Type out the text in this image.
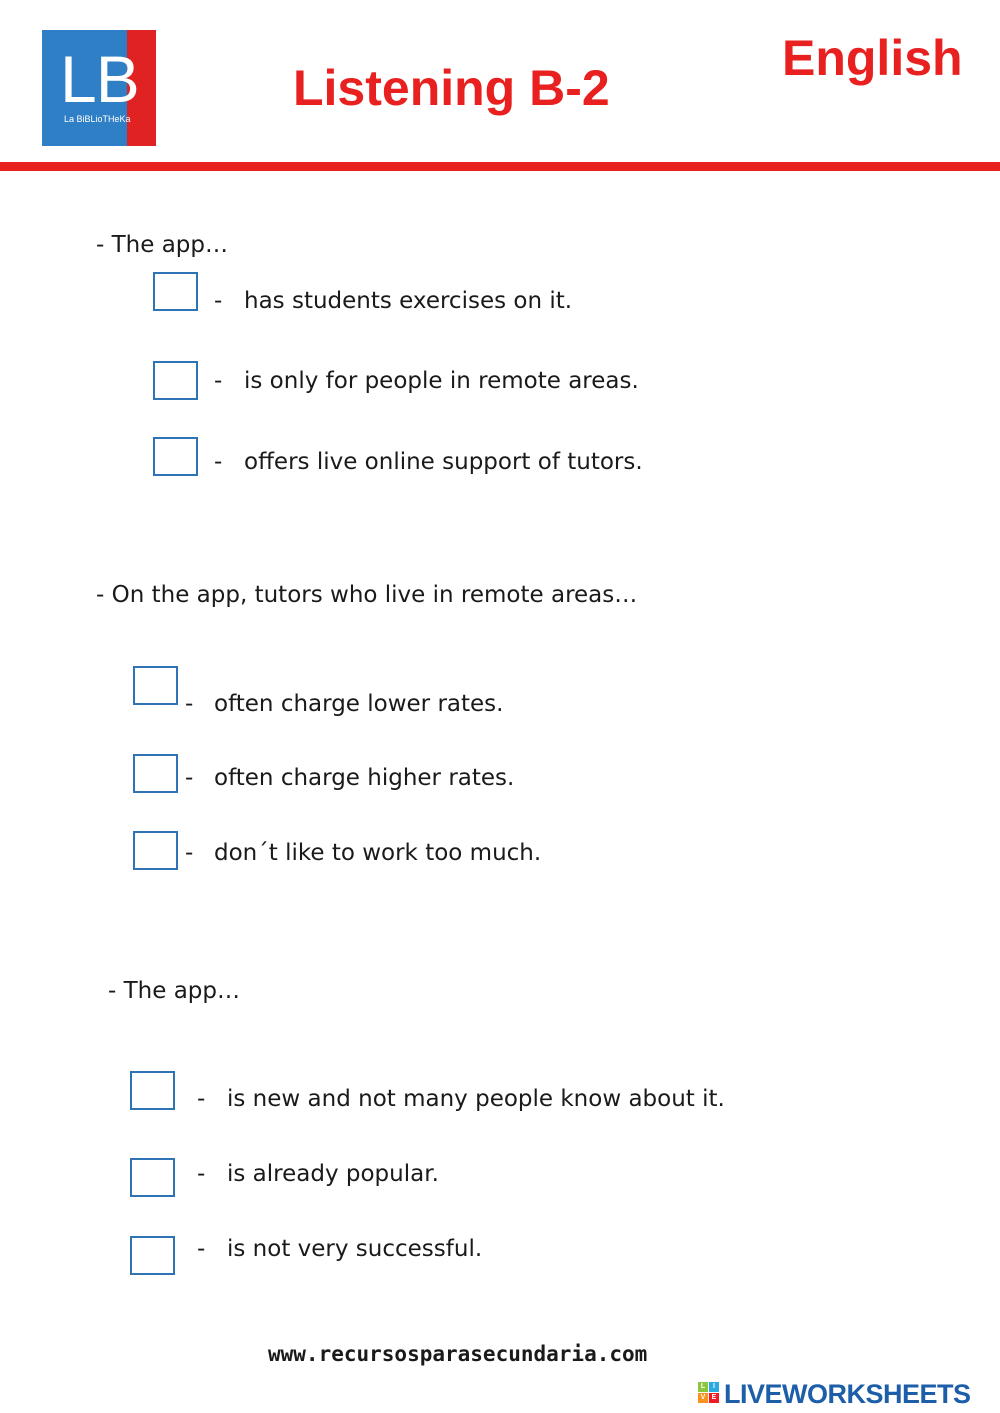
LB
La BiBLioTHeKa
Listening B-2
English
- The app…
- has students exercises on it.
- is only for people in remote areas.
- offers live online support of tutors.
- On the app, tutors who live in remote areas…
- often charge lower rates.
- often charge higher rates.
- don´t like to work too much.
- The app…
- is new and not many people know about it.
- is already popular.
- is not very successful.
www.recursosparasecundaria.com
L	I
V E LIVEWORKSHEETS
